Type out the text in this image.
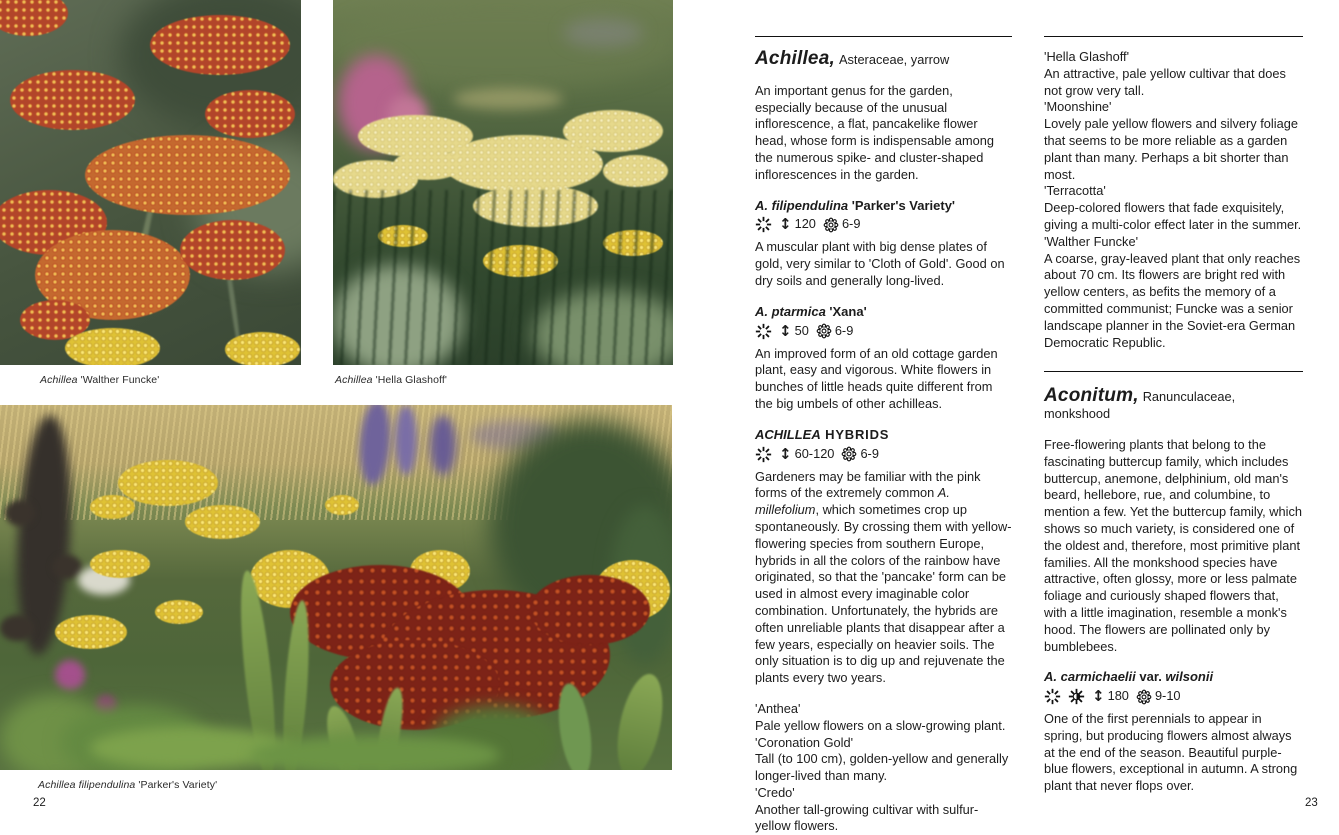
Achillea 'Walther Funcke'	Achillea 'Hella Glashoff'
Achillea filipendulina 'Parker's Variety'
22
Achillea, Asteraceae, yarrow

An important genus for the garden, especially because of the unusual inflorescence, a flat, pancakelike flower head, whose form is indispensable among the numerous spike- and cluster-shaped inflorescences in the garden.

A. filipendulina 'Parker's Variety'
↕ 120 6-9

A muscular plant with big dense plates of gold, very similar to 'Cloth of Gold'. Good on dry soils and generally long-lived.

A. ptarmica 'Xana'
↕ 50 6-9

An improved form of an old cottage garden plant, easy and vigorous. White flowers in bunches of little heads quite different from the big umbels of other achilleas.

ACHILLEA HYBRIDS
↕ 60-120 6-9

Gardeners may be familiar with the pink forms of the extremely common A. millefolium, which sometimes crop up spontaneously. By crossing them with yellow-flowering species from southern Europe, hybrids in all the colors of the rainbow have originated, so that the 'pancake' form can be used in almost every imaginable color combination. Unfortunately, the hybrids are often unreliable plants that disappear after a few years, especially on heavier soils. The only situation is to dig up and rejuvenate the plants every two years.

'Anthea'
Pale yellow flowers on a slow-growing plant.
'Coronation Gold'
Tall (to 100 cm), golden-yellow and generally longer-lived than many.
'Credo'
Another tall-growing cultivar with sulfur-yellow flowers.
'Hella Glashoff'
An attractive, pale yellow cultivar that does not grow very tall.
'Moonshine'
Lovely pale yellow flowers and silvery foliage that seems to be more reliable as a garden plant than many. Perhaps a bit shorter than most.
'Terracotta'
Deep-colored flowers that fade exquisitely, giving a multi-color effect later in the summer.
'Walther Funcke'
A coarse, gray-leaved plant that only reaches about 70 cm. Its flowers are bright red with yellow centers, as befits the memory of a committed communist; Funcke was a senior landscape planner in the Soviet-era German Democratic Republic.
Aconitum, Ranunculaceae, monkshood

Free-flowering plants that belong to the fascinating buttercup family, which includes buttercup, anemone, delphinium, old man's beard, hellebore, rue, and columbine, to mention a few. Yet the buttercup family, which shows so much variety, is considered one of the oldest and, therefore, most primitive plant families. All the monkshood species have attractive, often glossy, more or less palmate foliage and curiously shaped flowers that, with a little imagination, resemble a monk's hood. The flowers are pollinated only by bumblebees.

A. carmichaelii var. wilsonii
↕ 180 9-10

One of the first perennials to appear in spring, but producing flowers almost always at the end of the season. Beautiful purple-blue flowers, exceptional in autumn. A strong plant that never flops over.

23
